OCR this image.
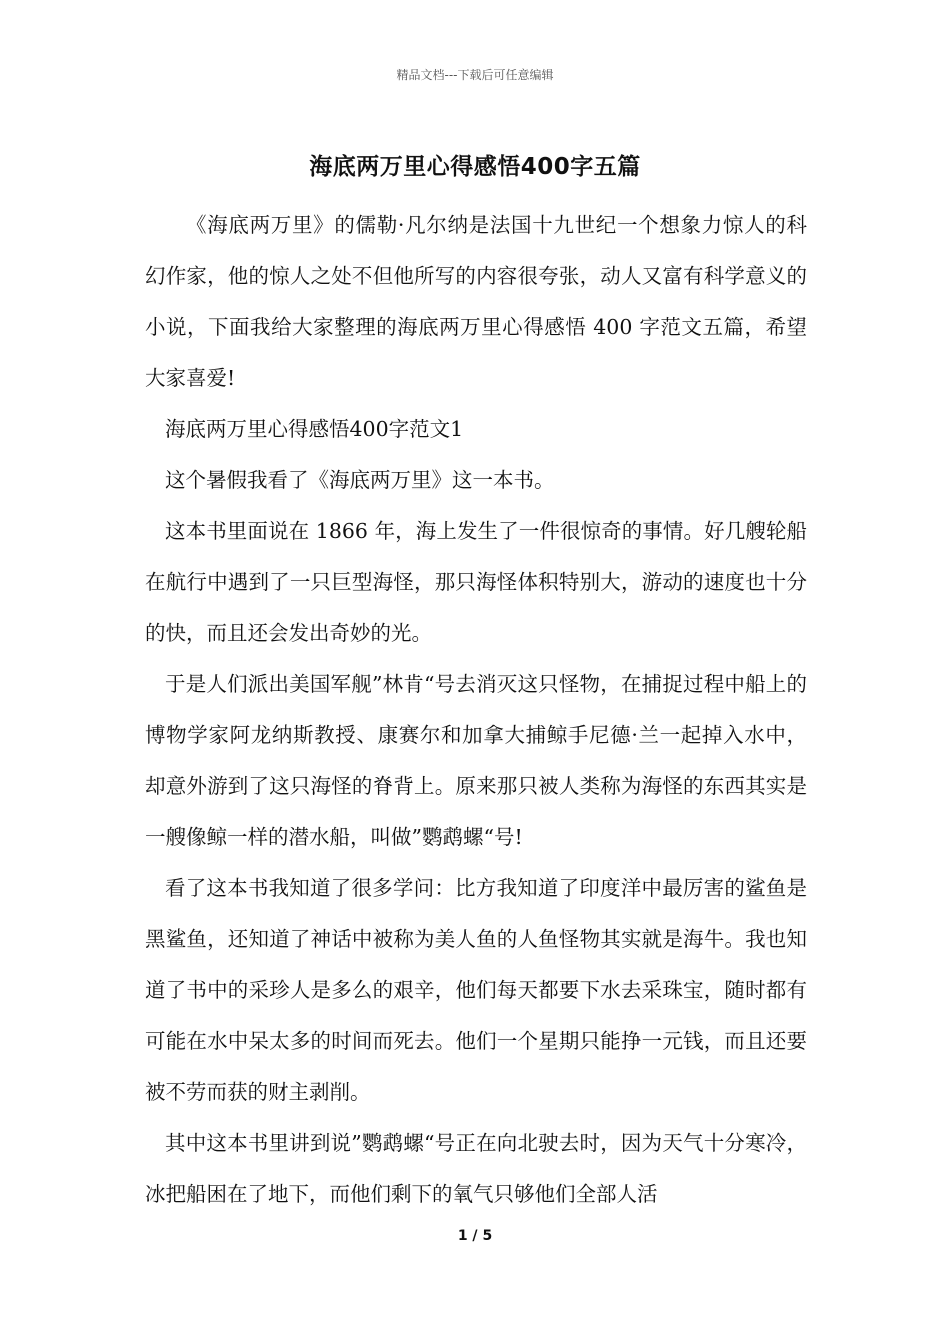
精品文档---下载后可任意编辑
海底两万里心得感悟400字五篇

《海底两万里》的儒勒·凡尔纳是法国十九世纪一个想象力惊人的科幻作家，他的惊人之处不但他所写的内容很夸张，动人又富有科学意义的小说，下面我给大家整理的海底两万里心得感悟 400 字范文五篇，希望大家喜爱!

海底两万里心得感悟400字范文1

这个暑假我看了《海底两万里》这一本书。

这本书里面说在 1866 年，海上发生了一件很惊奇的事情。好几艘轮船在航行中遇到了一只巨型海怪，那只海怪体积特别大，游动的速度也十分的快，而且还会发出奇妙的光。

于是人们派出美国军舰”林肯“号去消灭这只怪物，在捕捉过程中船上的博物学家阿龙纳斯教授、康赛尔和加拿大捕鲸手尼德·兰一起掉入水中，却意外游到了这只海怪的脊背上。原来那只被人类称为海怪的东西其实是一艘像鲸一样的潜水船，叫做”鹦鹉螺“号!

看了这本书我知道了很多学问：比方我知道了印度洋中最厉害的鲨鱼是黑鲨鱼，还知道了神话中被称为美人鱼的人鱼怪物其实就是海牛。我也知道了书中的采珍人是多么的艰辛，他们每天都要下水去采珠宝，随时都有可能在水中呆太多的时间而死去。他们一个星期只能挣一元钱，而且还要被不劳而获的财主剥削。

其中这本书里讲到说”鹦鹉螺“号正在向北驶去时，因为天气十分寒冷，冰把船困在了地下，而他们剩下的氧气只够他们全部人活

1 / 5
